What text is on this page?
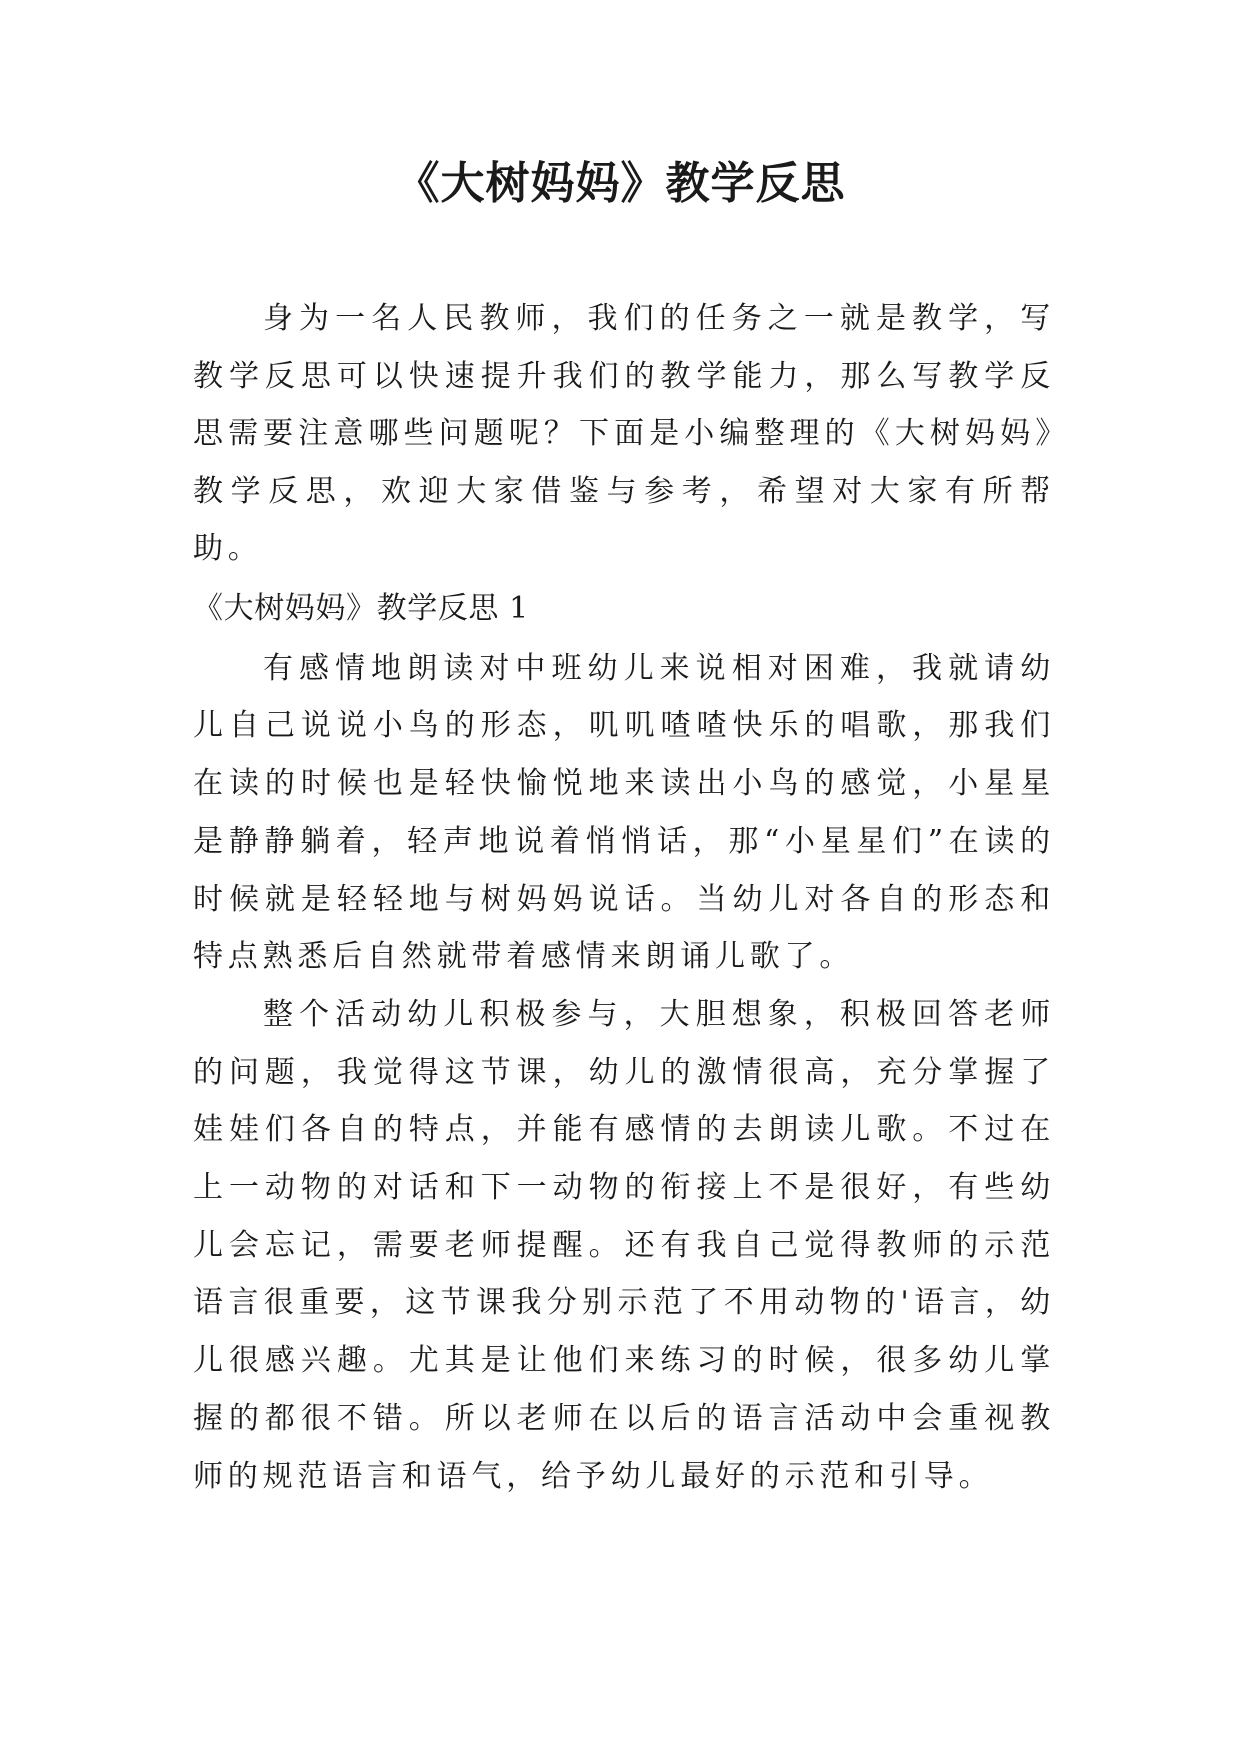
《大树妈妈》教学反思

身为一名人民教师，我们的任务之一就是教学，写教学反思可以快速提升我们的教学能力，那么写教学反思需要注意哪些问题呢？下面是小编整理的《大树妈妈》教学反思，欢迎大家借鉴与参考，希望对大家有所帮助。

《大树妈妈》教学反思 1

有感情地朗读对中班幼儿来说相对困难，我就请幼儿自己说说小鸟的形态，叽叽喳喳快乐的唱歌，那我们在读的时候也是轻快愉悦地来读出小鸟的感觉，小星星是静静躺着，轻声地说着悄悄话，那“小星星们”在读的时候就是轻轻地与树妈妈说话。当幼儿对各自的形态和特点熟悉后自然就带着感情来朗诵儿歌了。

整个活动幼儿积极参与，大胆想象，积极回答老师的问题，我觉得这节课，幼儿的激情很高，充分掌握了娃娃们各自的特点，并能有感情的去朗读儿歌。不过在上一动物的对话和下一动物的衔接上不是很好，有些幼儿会忘记，需要老师提醒。还有我自己觉得教师的示范语言很重要，这节课我分别示范了不用动物的'语言，幼儿很感兴趣。尤其是让他们来练习的时候，很多幼儿掌握的都很不错。所以老师在以后的语言活动中会重视教师的规范语言和语气，给予幼儿最好的示范和引导。
